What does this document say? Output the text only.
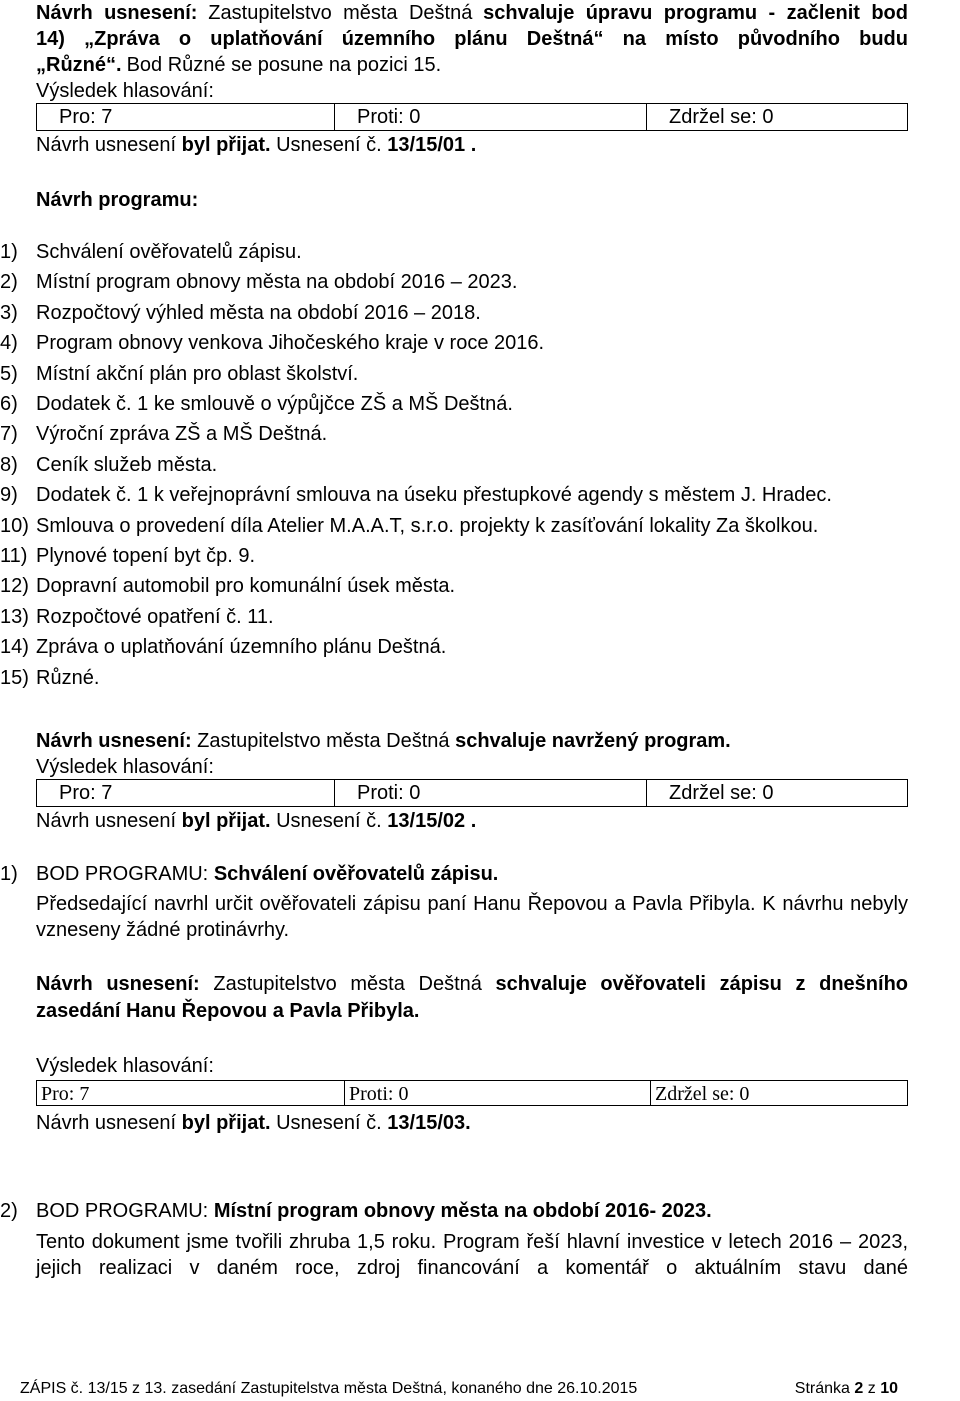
Návrh usnesení: Zastupitelstvo města Deštná schvaluje úpravu programu - začlenit bod
14) „Zpráva o uplatňování územního plánu Deštná“ na místo původního budu
„Různé“. Bod Různé se posune na pozici 15.
Výsledek hlasování:
Pro: 7	Proti: 0	Zdržel se: 0
Návrh usnesení byl přijat. Usnesení č. 13/15/01 .
Návrh programu:
1) Schválení ověřovatelů zápisu.
2) Místní program obnovy města na období 2016 – 2023.
3) Rozpočtový výhled města na období 2016 – 2018.
4) Program obnovy venkova Jihočeského kraje v roce 2016.
5) Místní akční plán pro oblast školství.
6) Dodatek č. 1 ke smlouvě o výpůjčce ZŠ a MŠ Deštná.
7) Výroční zpráva ZŠ a MŠ Deštná.
8) Ceník služeb města.
9) Dodatek č. 1 k veřejnoprávní smlouva na úseku přestupkové agendy s městem J. Hradec.
10) Smlouva o provedení díla Atelier M.A.A.T, s.r.o. projekty k zasíťování lokality Za školkou.
11) Plynové topení byt čp. 9.
12) Dopravní automobil pro komunální úsek města.
13) Rozpočtové opatření č. 11.
14) Zpráva o uplatňování územního plánu Deštná.
15) Různé.
Návrh usnesení: Zastupitelstvo města Deštná schvaluje navržený program.
Výsledek hlasování:
Pro: 7	Proti: 0	Zdržel se: 0
Návrh usnesení byl přijat. Usnesení č. 13/15/02 .
1) BOD PROGRAMU: Schválení ověřovatelů zápisu.
Předsedající navrhl určit ověřovateli zápisu paní Hanu Řepovou a Pavla Přibyla. K návrhu nebyly vzneseny žádné protinávrhy.
Návrh usnesení: Zastupitelstvo města Deštná schvaluje ověřovateli zápisu z dnešního zasedání Hanu Řepovou a Pavla Přibyla.
Výsledek hlasování:
Pro: 7	Proti: 0	Zdržel se: 0
Návrh usnesení byl přijat. Usnesení č. 13/15/03.
2) BOD PROGRAMU: Místní program obnovy města na období 2016- 2023.
Tento dokument jsme tvořili zhruba 1,5 roku. Program řeší hlavní investice v letech 2016 – 2023, jejich realizaci v daném roce, zdroj financování a komentář o aktuálním stavu dané
ZÁPIS č. 13/15 z 13. zasedání Zastupitelstva města Deštná, konaného dne 26.10.2015	Stránka 2 z 10
